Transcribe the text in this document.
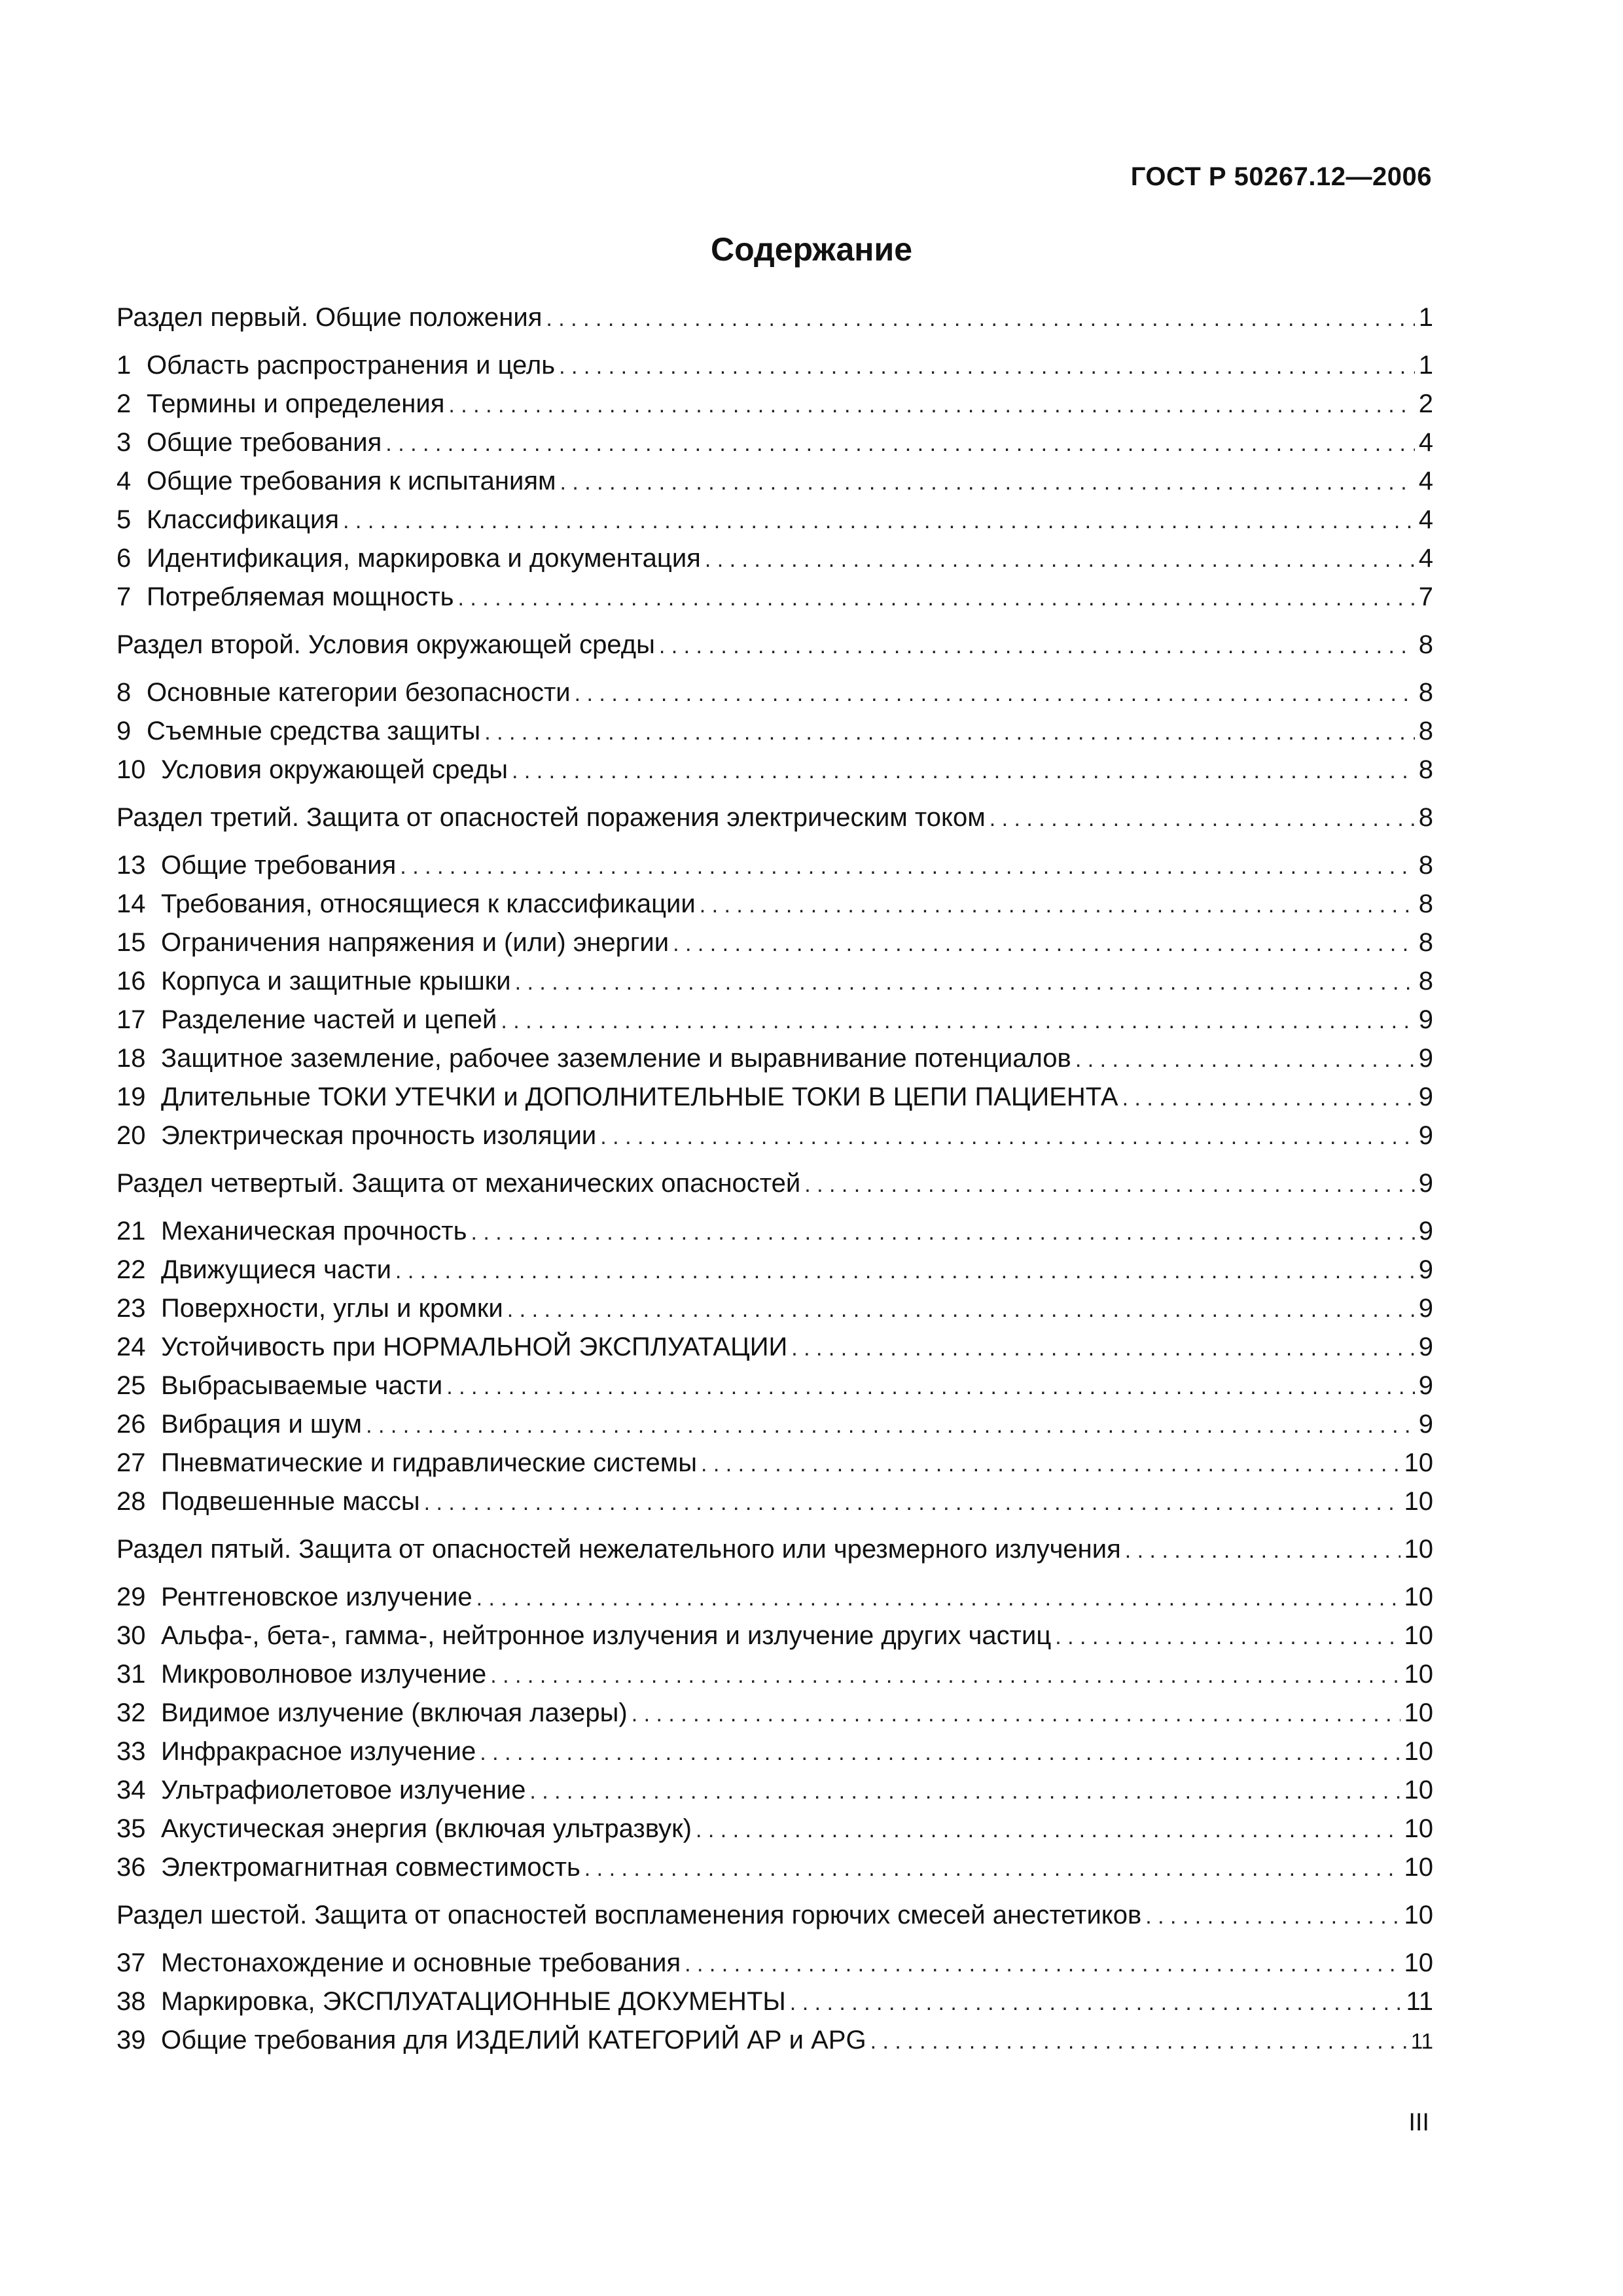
ГОСТ Р 50267.12—2006
Содержание
Раздел первый. Общие положения . . .	1
1 Область распространения и цель . . .	1
2 Термины и определения . . .	2
3 Общие требования . . .	4
4 Общие требования к испытаниям . . .	4
5 Классификация . . .	4
6 Идентификация, маркировка и документация . . .	4
7 Потребляемая мощность . . .	7
Раздел второй. Условия окружающей среды . . .	8
8 Основные категории безопасности . . .	8
9 Съемные средства защиты . . .	8
10 Условия окружающей среды . . .	8
Раздел третий. Защита от опасностей поражения электрическим током . . .	8
13 Общие требования . . .	8
14 Требования, относящиеся к классификации . . .	8
15 Ограничения напряжения и (или) энергии . . .	8
16 Корпуса и защитные крышки . . .	8
17 Разделение частей и цепей . . .	9
18 Защитное заземление, рабочее заземление и выравнивание потенциалов . . .	9
19 Длительные ТОКИ УТЕЧКИ и ДОПОЛНИТЕЛЬНЫЕ ТОКИ В ЦЕПИ ПАЦИЕНТА . . .	9
20 Электрическая прочность изоляции . . .	9
Раздел четвертый. Защита от механических опасностей . . .	9
21 Механическая прочность . . .	9
22 Движущиеся части . . .	9
23 Поверхности, углы и кромки . . .	9
24 Устойчивость при НОРМАЛЬНОЙ ЭКСПЛУАТАЦИИ . . .	9
25 Выбрасываемые части . . .	9
26 Вибрация и шум . . .	9
27 Пневматические и гидравлические системы . . .	10
28 Подвешенные массы . . .	10
Раздел пятый. Защита от опасностей нежелательного или чрезмерного излучения . . .	10
29 Рентгеновское излучение . . .	10
30 Альфа-, бета-, гамма-, нейтронное излучения и излучение других частиц . . .	10
31 Микроволновое излучение . . .	10
32 Видимое излучение (включая лазеры) . . .	10
33 Инфракрасное излучение . . .	10
34 Ультрафиолетовое излучение . . .	10
35 Акустическая энергия (включая ультразвук) . . .	10
36 Электромагнитная совместимость . . .	10
Раздел шестой. Защита от опасностей воспламенения горючих смесей анестетиков . . .	10
37 Местонахождение и основные требования . . .	10
38 Маркировка, ЭКСПЛУАТАЦИОННЫЕ ДОКУМЕНТЫ . . .	11
39 Общие требования для ИЗДЕЛИЙ КАТЕГОРИЙ АР и APG . . .	11
III
